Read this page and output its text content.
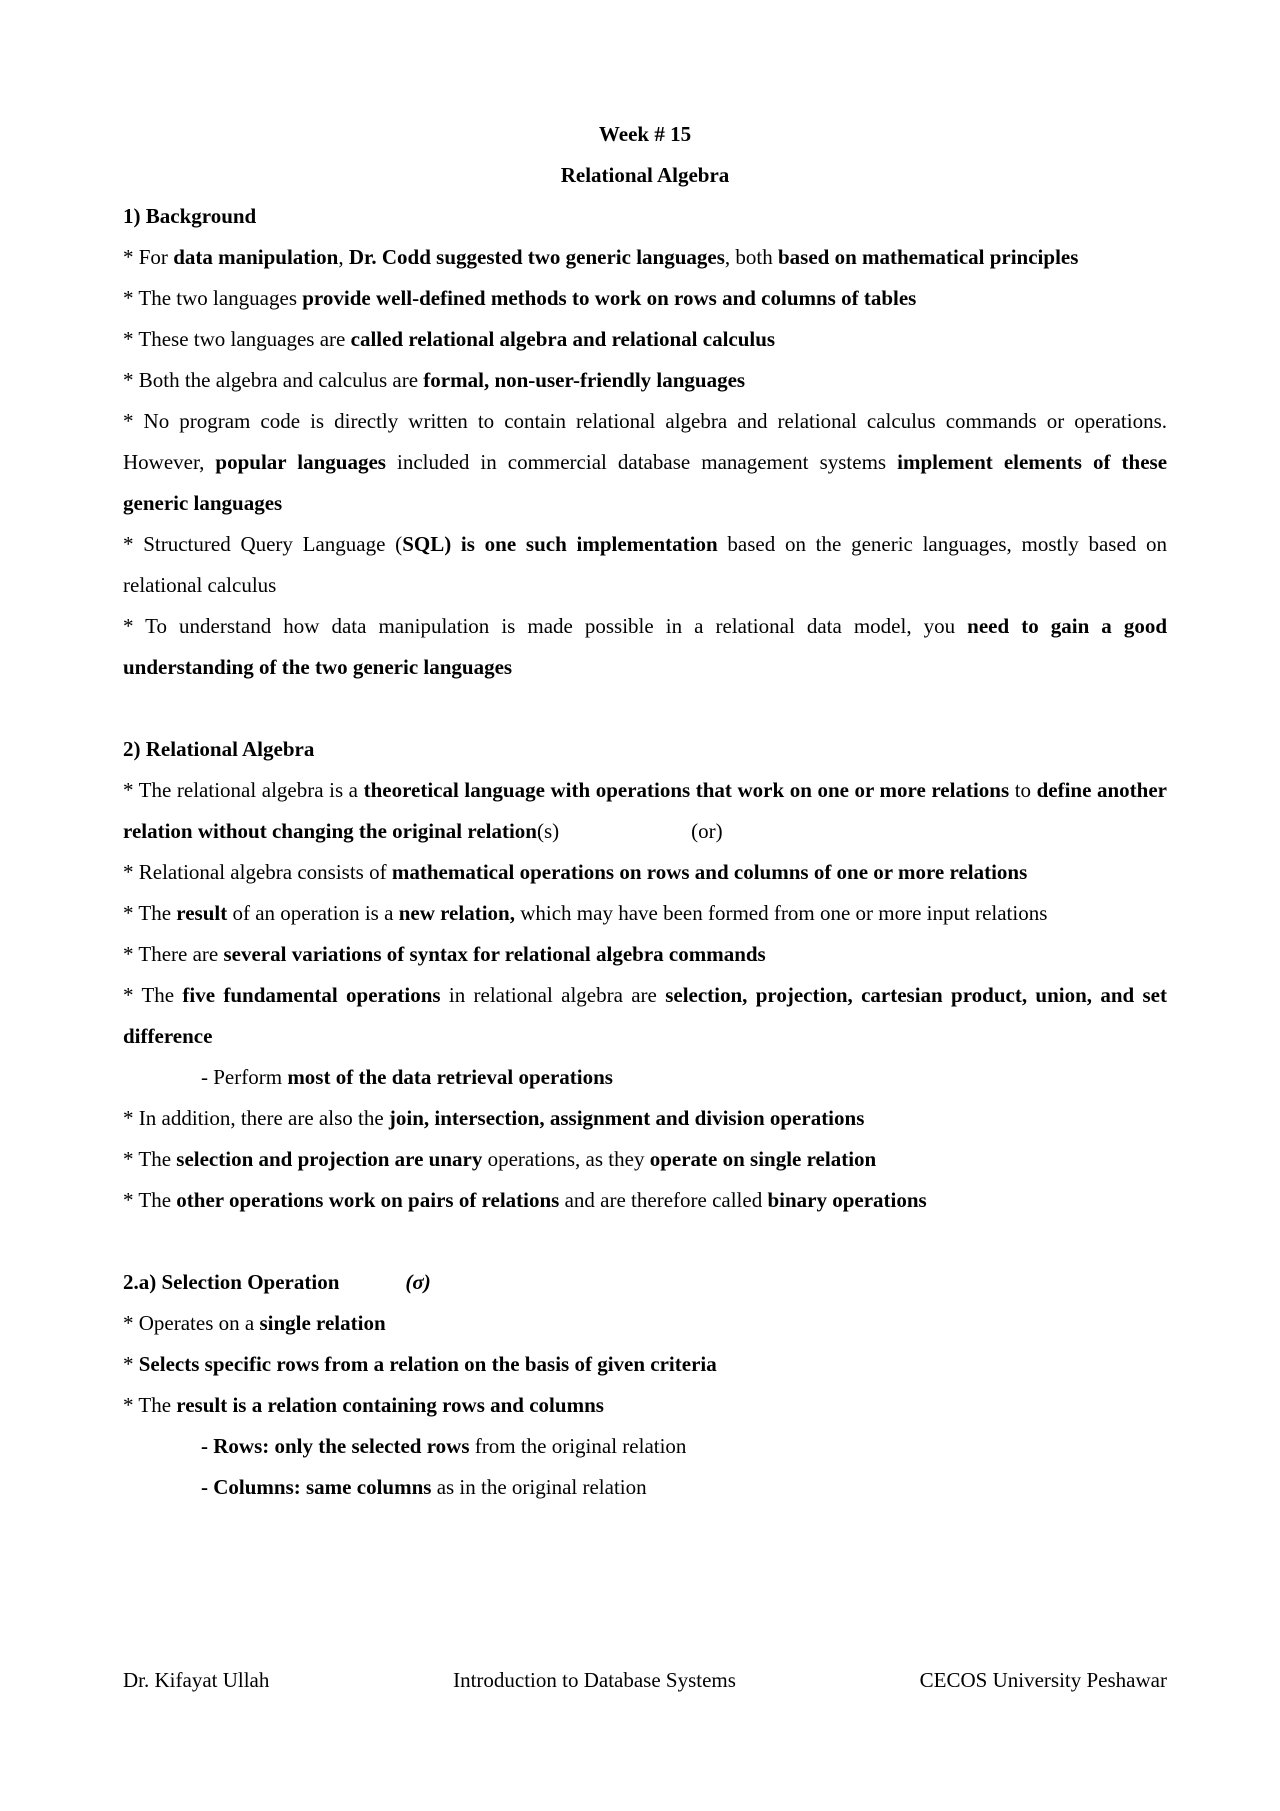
Week # 15
Relational Algebra
1) Background
* For data manipulation, Dr. Codd suggested two generic languages, both based on mathematical principles
* The two languages provide well-defined methods to work on rows and columns of tables
* These two languages are called relational algebra and relational calculus
* Both the algebra and calculus are formal, non-user-friendly languages
* No program code is directly written to contain relational algebra and relational calculus commands or operations. However, popular languages included in commercial database management systems implement elements of these generic languages
* Structured Query Language (SQL) is one such implementation based on the generic languages, mostly based on relational calculus
* To understand how data manipulation is made possible in a relational data model, you need to gain a good understanding of the two generic languages
2) Relational Algebra
* The relational algebra is a theoretical language with operations that work on one or more relations to define another relation without changing the original relation(s)	(or)
* Relational algebra consists of mathematical operations on rows and columns of one or more relations
* The result of an operation is a new relation, which may have been formed from one or more input relations
* There are several variations of syntax for relational algebra commands
* The five fundamental operations in relational algebra are selection, projection, cartesian product, union, and set difference
- Perform most of the data retrieval operations
* In addition, there are also the join, intersection, assignment and division operations
* The selection and projection are unary operations, as they operate on single relation
* The other operations work on pairs of relations and are therefore called binary operations
2.a) Selection Operation	(σ)
* Operates on a single relation
* Selects specific rows from a relation on the basis of given criteria
* The result is a relation containing rows and columns
- Rows: only the selected rows from the original relation
- Columns: same columns as in the original relation
Dr. Kifayat Ullah	Introduction to Database Systems	CECOS University Peshawar
